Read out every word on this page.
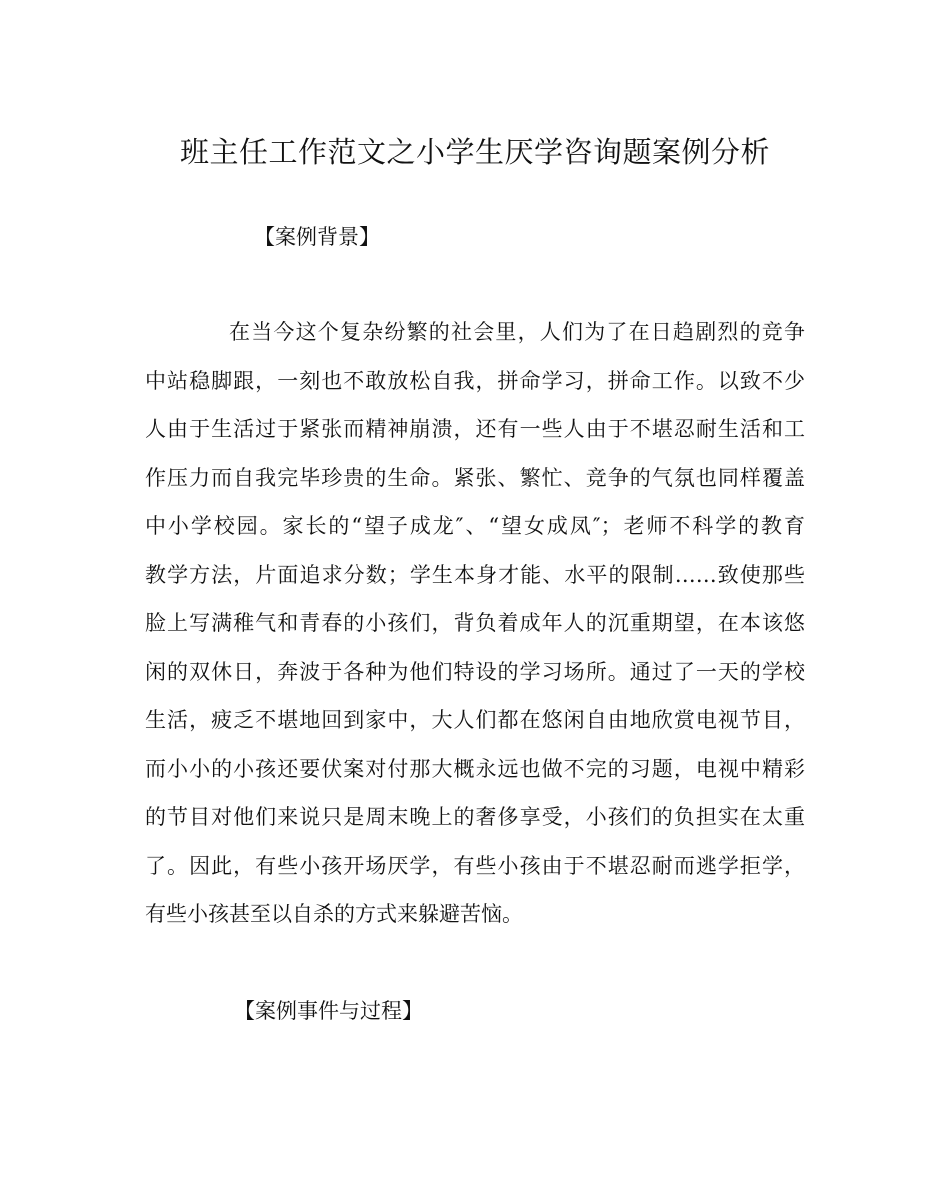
班主任工作范文之小学生厌学咨询题案例分析
【案例背景】
在当今这个复杂纷繁的社会里，人们为了在日趋剧烈的竞争
中站稳脚跟，一刻也不敢放松自我，拼命学习，拼命工作。以致不少
人由于生活过于紧张而精神崩溃，还有一些人由于不堪忍耐生活和工
作压力而自我完毕珍贵的生命。紧张、繁忙、竞争的气氛也同样覆盖
中小学校园。家长的“望子成龙″、“望女成凤″；老师不科学的教育
教学方法，片面追求分数；学生本身才能、水平的限制……致使那些
脸上写满稚气和青春的小孩们，背负着成年人的沉重期望，在本该悠
闲的双休日，奔波于各种为他们特设的学习场所。通过了一天的学校
生活，疲乏不堪地回到家中，大人们都在悠闲自由地欣赏电视节目，
而小小的小孩还要伏案对付那大概永远也做不完的习题，电视中精彩
的节目对他们来说只是周末晚上的奢侈享受，小孩们的负担实在太重
了。因此，有些小孩开场厌学，有些小孩由于不堪忍耐而逃学拒学，
有些小孩甚至以自杀的方式来躲避苦恼。
【案例事件与过程】
